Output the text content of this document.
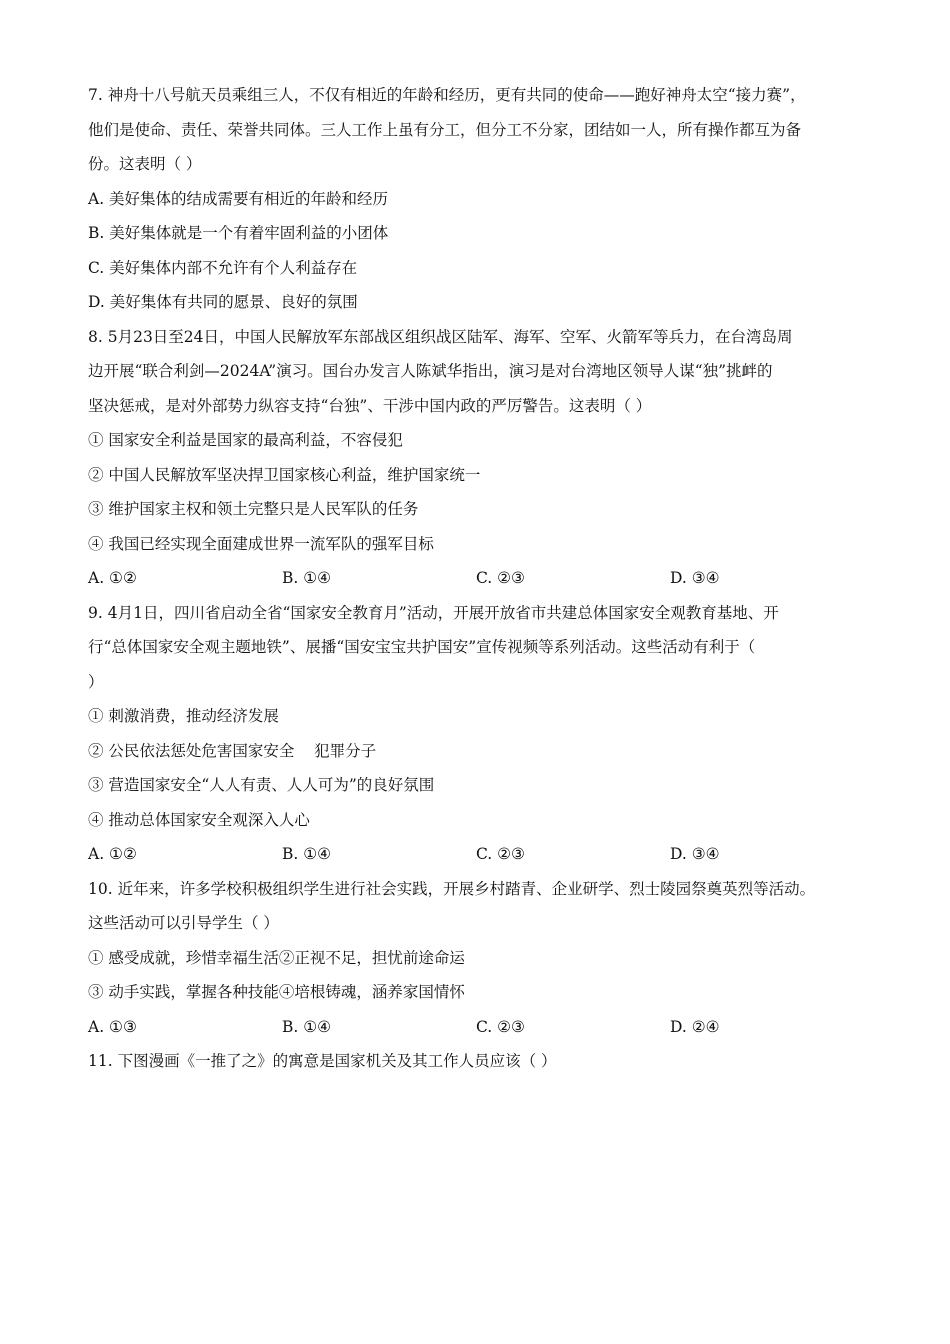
7. 神舟十八号航天员乘组三人，不仅有相近的年龄和经历，更有共同的使命——跑好神舟太空“接力赛”，
他们是使命、责任、荣誉共同体。三人工作上虽有分工，但分工不分家，团结如一人，所有操作都互为备
份。这表明（ ）
A. 美好集体的结成需要有相近的年龄和经历
B. 美好集体就是一个有着牢固利益的小团体
C. 美好集体内部不允许有个人利益存在
D. 美好集体有共同的愿景、良好的氛围
8. 5月23日至24日，中国人民解放军东部战区组织战区陆军、海军、空军、火箭军等兵力，在台湾岛周
边开展“联合利剑—2024A”演习。国台办发言人陈斌华指出，演习是对台湾地区领导人谋“独”挑衅的
坚决惩戒，是对外部势力纵容支持“台独”、干涉中国内政的严厉警告。这表明（ ）
① 国家安全利益是国家的最高利益，不容侵犯
② 中国人民解放军坚决捍卫国家核心利益，维护国家统一
③ 维护国家主权和领土完整只是人民军队的任务
④ 我国已经实现全面建成世界一流军队的强军目标
A. ①②	B. ①④	C. ②③	D. ③④
9. 4月1日，四川省启动全省“国家安全教育月”活动，开展开放省市共建总体国家安全观教育基地、开
行“总体国家安全观主题地铁”、展播“国安宝宝共护国安”宣传视频等系列活动。这些活动有利于（
）
① 刺激消费，推动经济发展
② 公民依法惩处危害国家安全    犯罪分子
③ 营造国家安全“人人有责、人人可为”的良好氛围
④ 推动总体国家安全观深入人心
A. ①②	B. ①④	C. ②③	D. ③④
10. 近年来，许多学校积极组织学生进行社会实践，开展乡村踏青、企业研学、烈士陵园祭奠英烈等活动。
这些活动可以引导学生（ ）
① 感受成就，珍惜幸福生活②正视不足，担忧前途命运
③ 动手实践，掌握各种技能④培根铸魂，涵养家国情怀
A. ①③	B. ①④	C. ②③	D. ②④
11. 下图漫画《一推了之》的寓意是国家机关及其工作人员应该（ ）
